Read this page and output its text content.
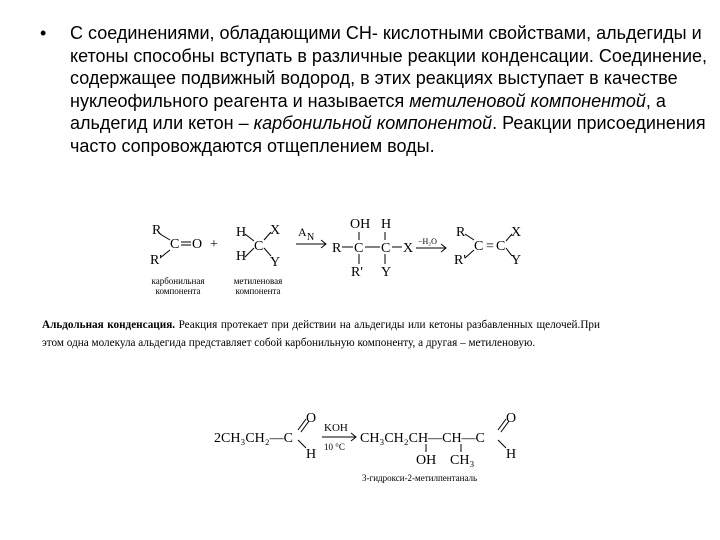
• С соединениями, обладающими СН- кислотными свойствами, альдегиды и кетоны способны вступать в различные реакции конденсации. Соединение, содержащее подвижный водород, в этих реакциях выступает в качестве нуклеофильного реагента и называется метиленовой компонентой, а альдегид или кетон – карбонильной компонентой. Реакции присоединения часто сопровождаются отщеплением воды.
R
C O
R'
+
H
H
C
X
Y
A N
OH H
R C C X
R' Y
−H₂O
R
C = C
X
R'	Y
карбонильная
компонента
метиленовая
компонента
Альдольная конденсация. Реакция протекает при действии на альдегиды или кетоны разбавленных щелочей.При этом одна молекула альдегида представляет собой карбонильную компоненту, а другая – метиленовую.
2CH₃CH₂—C
O
H
KOH
10 °C
CH₃CH₂CH—CH—C
O
H
OH CH₃
3-гидрокси-2-метилпентаналь
